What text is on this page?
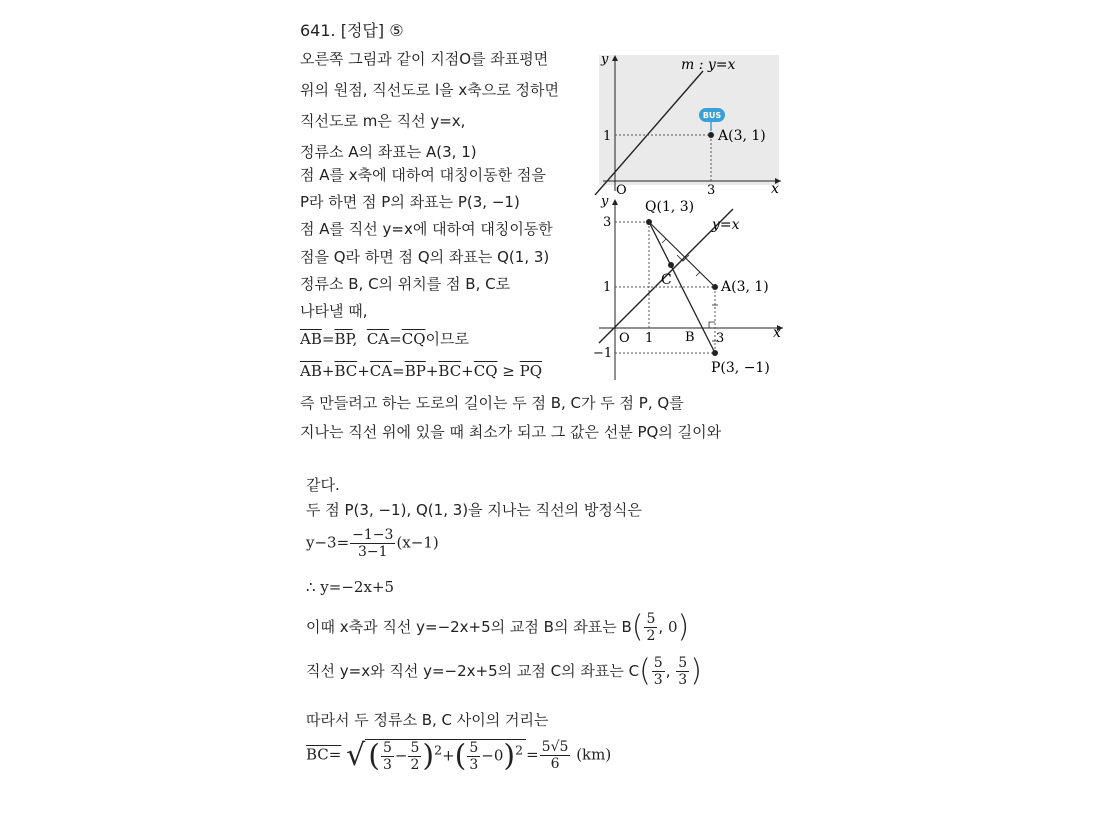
641. [정답] ⑤
오른쪽 그림과 같이 지점O를 좌표평면
위의 원점, 직선도로 l을 x축으로 정하면
직선도로 m은 직선 y=x,
정류소 A의 좌표는 A(3, 1)
점 A를 x축에 대하여 대칭이동한 점을
P라 하면 점 P의 좌표는 P(3, −1)
점 A를 직선 y=x에 대하여 대칭이동한
점을 Q라 하면 점 Q의 좌표는 Q(1, 3)
정류소 B, C의 위치를 점 B, C로
나타낼 때,
$\overline{AB}=\overline{BP}$,  $\overline{CA}=\overline{CQ}$이므로
$\overline{AB}+\overline{BC}+\overline{CA}=\overline{BP}+\overline{BC}+\overline{CQ} \ge \overline{PQ}$
즉 만들려고 하는 도로의 길이는 두 점 B, C가 두 점 P, Q를
지나는 직선 위에 있을 때 최소가 되고 그 값은 선분 PQ의 길이와
같다.
두 점 P(3, −1), Q(1, 3)을 지나는 직선의 방정식은
$y-3= \frac{-1-3}{3-1} (x-1)$
∴ y=−2x+5
이때 x축과 직선 y=−2x+5의 교점 B의 좌표는 $B( \frac{5}{2}$ , 0)
직선 y=x와 직선 y=−2x+5의 교점 C의 좌표는 $C( \frac{5}{3}$ , $\frac{5}{3}$ )
따라서 두 정류소 B, C 사이의 거리는
BC= √ ( $\frac{5}{3} - \frac{5}{2} )^2+( \frac{5}{3} -0)^2 = \frac{5√5}{6} (km)$
BUS
A(3, 1)
m : y=x
y
x
O	3
1
Q(1, 3)
y=x
C	A(3, 1)
P(3, −1)
B
y
x
O 1	3
3
1
−1
